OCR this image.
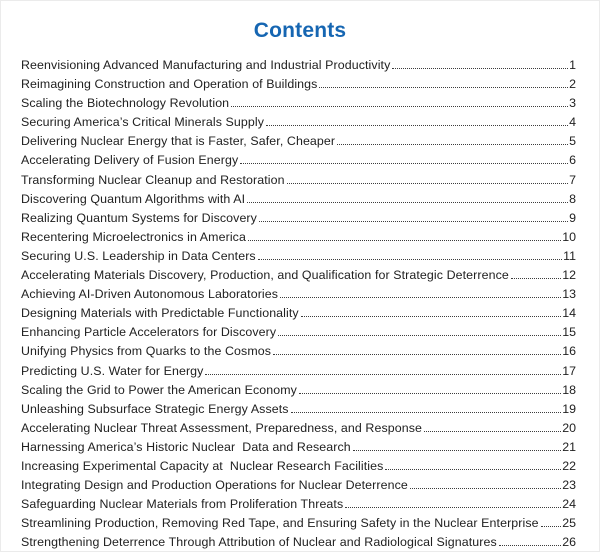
Contents
Reenvisioning Advanced Manufacturing and Industrial Productivity	1
Reimagining Construction and Operation of Buildings	2
Scaling the Biotechnology Revolution	3
Securing America’s Critical Minerals Supply	4
Delivering Nuclear Energy that is Faster, Safer, Cheaper	5
Accelerating Delivery of Fusion Energy	6
Transforming Nuclear Cleanup and Restoration	7
Discovering Quantum Algorithms with AI	8
Realizing Quantum Systems for Discovery	9
Recentering Microelectronics in America	10
Securing U.S. Leadership in Data Centers	11
Accelerating Materials Discovery, Production, and Qualification for Strategic Deterrence	12
Achieving AI-Driven Autonomous Laboratories	13
Designing Materials with Predictable Functionality	14
Enhancing Particle Accelerators for Discovery	15
Unifying Physics from Quarks to the Cosmos	16
Predicting U.S. Water for Energy	17
Scaling the Grid to Power the American Economy	18
Unleashing Subsurface Strategic Energy Assets	19
Accelerating Nuclear Threat Assessment, Preparedness, and Response	20
Harnessing America’s Historic Nuclear  Data and Research	21
Increasing Experimental Capacity at  Nuclear Research Facilities	22
Integrating Design and Production Operations for Nuclear Deterrence	23
Safeguarding Nuclear Materials from Proliferation Threats	24
Streamlining Production, Removing Red Tape, and Ensuring Safety in the Nuclear Enterprise 25
Strengthening Deterrence Through Attribution of Nuclear and Radiological Signatures	26
